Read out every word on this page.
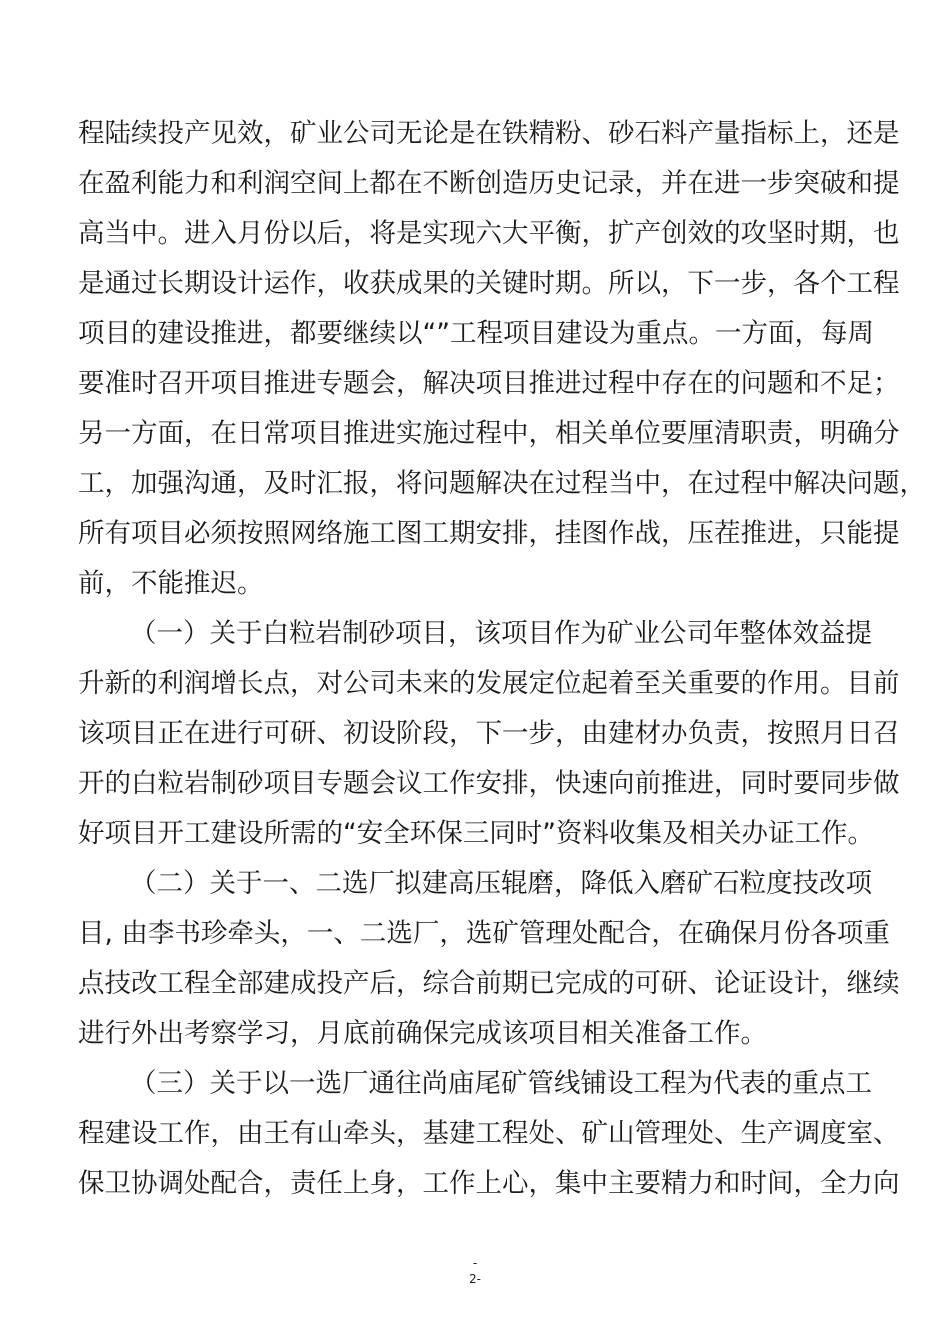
程陆续投产见效，矿业公司无论是在铁精粉、砂石料产量指标上，还是
在盈利能力和利润空间上都在不断创造历史记录，并在进一步突破和提
高当中。进入月份以后，将是实现六大平衡，扩产创效的攻坚时期，也
是通过长期设计运作，收获成果的关键时期。所以，下一步，各个工程
项目的建设推进，都要继续以“”工程项目建设为重点。一方面，每周
要准时召开项目推进专题会，解决项目推进过程中存在的问题和不足；
另一方面，在日常项目推进实施过程中，相关单位要厘清职责，明确分
工，加强沟通，及时汇报，将问题解决在过程当中，在过程中解决问题，
所有项目必须按照网络施工图工期安排，挂图作战，压茬推进，只能提
前，不能推迟。
（一）关于白粒岩制砂项目，该项目作为矿业公司年整体效益提
升新的利润增长点，对公司未来的发展定位起着至关重要的作用。目前
该项目正在进行可研、初设阶段，下一步，由建材办负责，按照月日召
开的白粒岩制砂项目专题会议工作安排，快速向前推进，同时要同步做
好项目开工建设所需的“安全环保三同时”资料收集及相关办证工作。
（二）关于一、二选厂拟建高压辊磨，降低入磨矿石粒度技改项
目, 由李书珍牵头，一、二选厂，选矿管理处配合，在确保月份各项重
点技改工程全部建成投产后，综合前期已完成的可研、论证设计，继续
进行外出考察学习，月底前确保完成该项目相关准备工作。
（三）关于以一选厂通往尚庙尾矿管线铺设工程为代表的重点工
程建设工作，由王有山牵头，基建工程处、矿山管理处、生产调度室、
保卫协调处配合，责任上身，工作上心，集中主要精力和时间，全力向
-
2-
